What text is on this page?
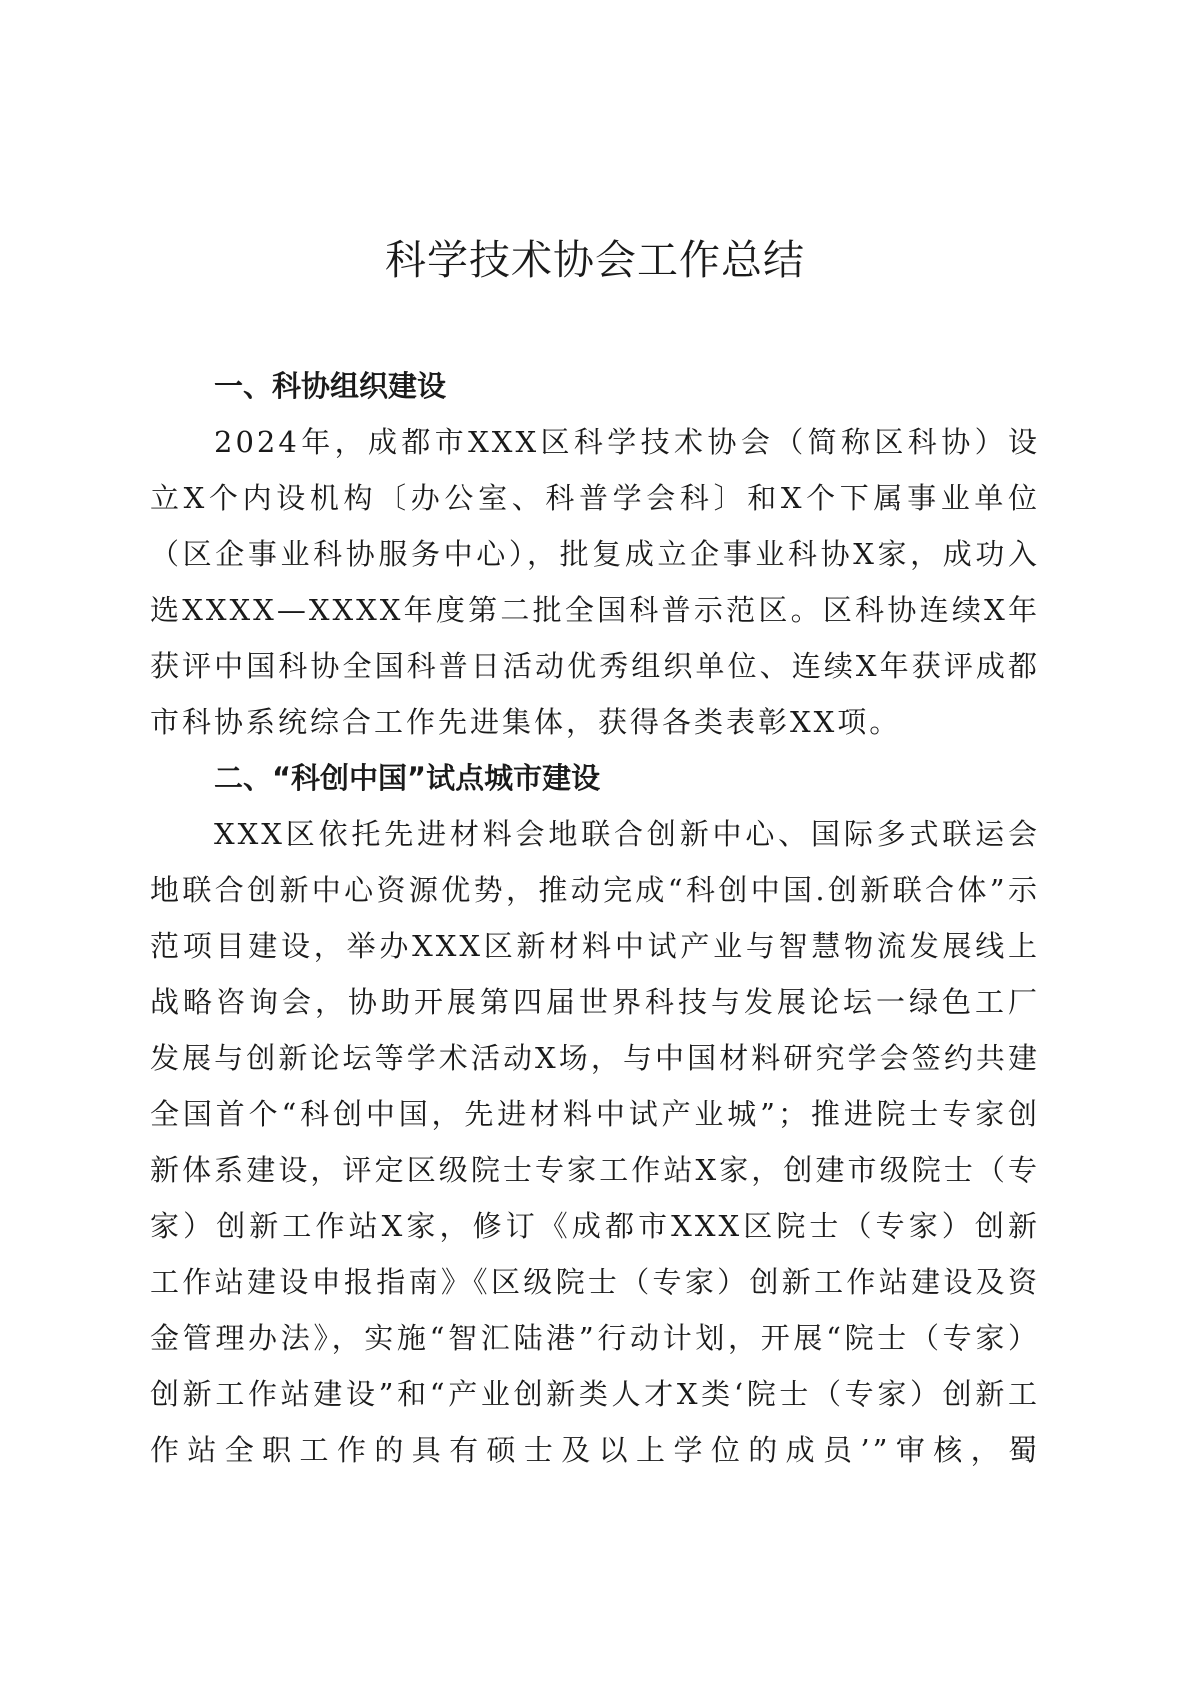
科学技术协会工作总结
一、科协组织建设

2024年，成都市XXX区科学技术协会（简称区科协）设立X个内设机构〔办公室、科普学会科〕和X个下属事业单位（区企事业科协服务中心），批复成立企事业科协X家，成功入选XXXX—XXXX年度第二批全国科普示范区。区科协连续X年获评中国科协全国科普日活动优秀组织单位、连续X年获评成都市科协系统综合工作先进集体，获得各类表彰XX项。

二、“科创中国”试点城市建设

XXX区依托先进材料会地联合创新中心、国际多式联运会地联合创新中心资源优势，推动完成“科创中国.创新联合体”示范项目建设，举办XXX区新材料中试产业与智慧物流发展线上战略咨询会，协助开展第四届世界科技与发展论坛一绿色工厂发展与创新论坛等学术活动X场，与中国材料研究学会签约共建全国首个“科创中国，先进材料中试产业城”；推进院士专家创新体系建设，评定区级院士专家工作站X家，创建市级院士（专家）创新工作站X家，修订《成都市XXX区院士（专家）创新工作站建设申报指南》《区级院士（专家）创新工作站建设及资金管理办法》，实施“智汇陆港”行动计划，开展“院士（专家）创新工作站建设”和“产业创新类人才X类‘院士（专家）创新工作站全职工作的具有硕士及以上学位的成员’”审核，蜀
